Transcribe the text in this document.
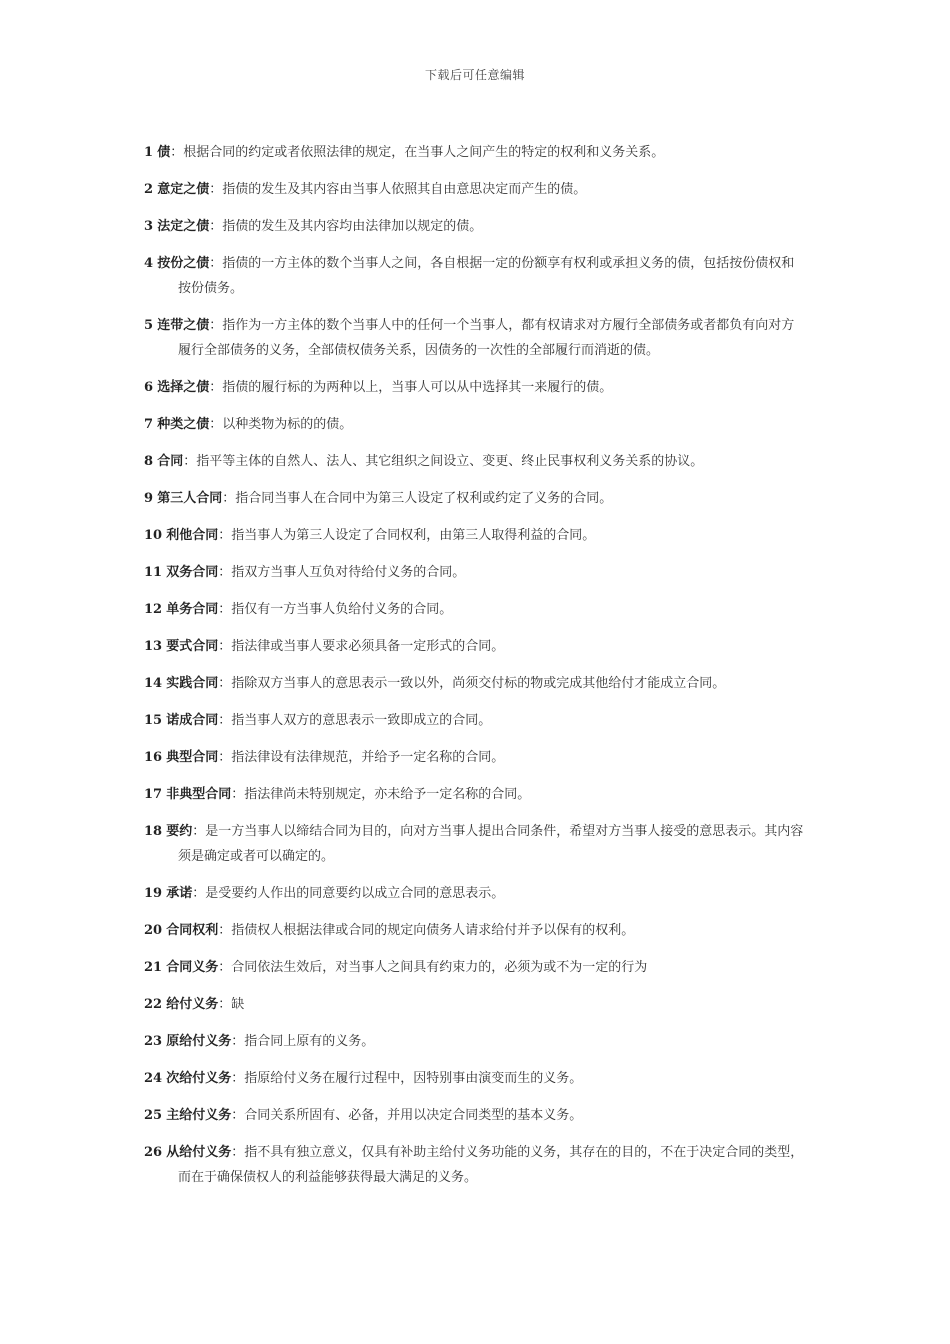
下载后可任意编辑

1 债：根据合同的约定或者依照法律的规定，在当事人之间产生的特定的权利和义务关系。

2 意定之债：指债的发生及其内容由当事人依照其自由意思决定而产生的债。

3 法定之债：指债的发生及其内容均由法律加以规定的债。

4 按份之债：指债的一方主体的数个当事人之间，各自根据一定的份额享有权利或承担义务的债，包括按份债权和按份债务。

5 连带之债：指作为一方主体的数个当事人中的任何一个当事人，都有权请求对方履行全部债务或者都负有向对方履行全部债务的义务，全部债权债务关系，因债务的一次性的全部履行而消逝的债。

6 选择之债：指债的履行标的为两种以上，当事人可以从中选择其一来履行的债。

7 种类之债：以种类物为标的的债。

8 合同：指平等主体的自然人、法人、其它组织之间设立、变更、终止民事权利义务关系的协议。

9 第三人合同：指合同当事人在合同中为第三人设定了权利或约定了义务的合同。

10 利他合同：指当事人为第三人设定了合同权利，由第三人取得利益的合同。

11 双务合同：指双方当事人互负对待给付义务的合同。

12 单务合同：指仅有一方当事人负给付义务的合同。

13 要式合同：指法律或当事人要求必须具备一定形式的合同。

14 实践合同：指除双方当事人的意思表示一致以外，尚须交付标的物或完成其他给付才能成立合同。

15 诺成合同：指当事人双方的意思表示一致即成立的合同。

16 典型合同：指法律设有法律规范，并给予一定名称的合同。

17 非典型合同：指法律尚未特别规定，亦未给予一定名称的合同。

18 要约：是一方当事人以缔结合同为目的，向对方当事人提出合同条件，希望对方当事人接受的意思表示。其内容须是确定或者可以确定的。

19 承诺：是受要约人作出的同意要约以成立合同的意思表示。

20 合同权利：指债权人根据法律或合同的规定向债务人请求给付并予以保有的权利。

21 合同义务：合同依法生效后，对当事人之间具有约束力的，必须为或不为一定的行为

22 给付义务：缺

23 原给付义务：指合同上原有的义务。

24 次给付义务：指原给付义务在履行过程中，因特别事由演变而生的义务。

25 主给付义务：合同关系所固有、必备，并用以决定合同类型的基本义务。

26 从给付义务：指不具有独立意义，仅具有补助主给付义务功能的义务，其存在的目的，不在于决定合同的类型，而在于确保债权人的利益能够获得最大满足的义务。
